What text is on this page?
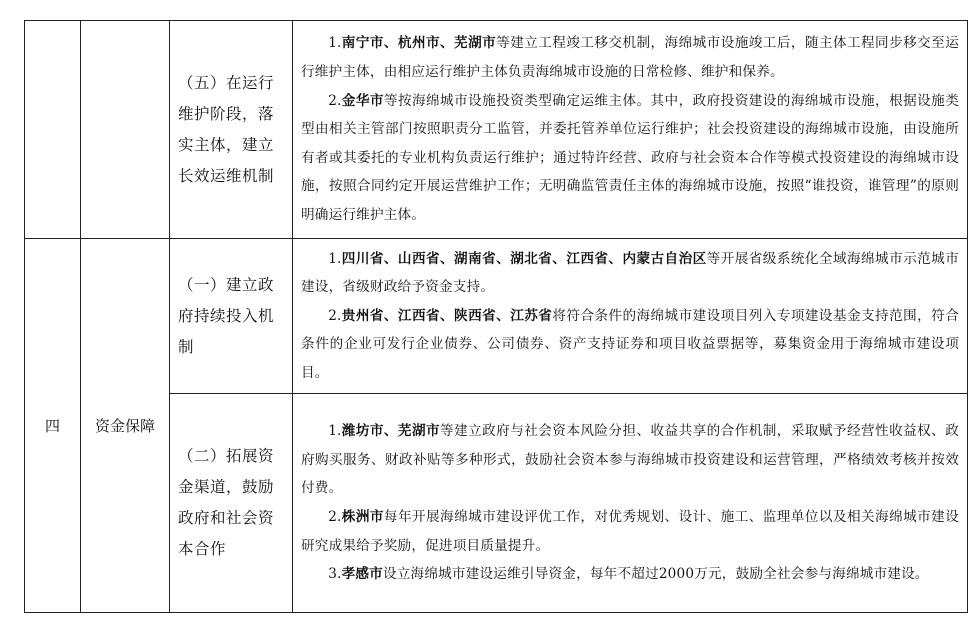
		（五）在运行维护阶段，落实主体，建立长效运维机制	1.南宁市、杭州市、芜湖市等建立工程竣工移交机制，海绵城市设施竣工后，随主体工程同步移交至运行维护主体，由相应运行维护主体负责海绵城市设施的日常检修、维护和保养。

2.金华市等按海绵城市设施投资类型确定运维主体。其中，政府投资建设的海绵城市设施，根据设施类型由相关主管部门按照职责分工监管，并委托管养单位运行维护；社会投资建设的海绵城市设施，由设施所有者或其委托的专业机构负责运行维护；通过特许经营、政府与社会资本合作等模式投资建设的海绵城市设施，按照合同约定开展运营维护工作；无明确监管责任主体的海绵城市设施，按照“谁投资，谁管理”的原则明确运行维护主体。

四	资金保障	（一）建立政府持续投入机制	1.四川省、山西省、湖南省、湖北省、江西省、内蒙古自治区等开展省级系统化全域海绵城市示范城市建设，省级财政给予资金支持。

2.贵州省、江西省、陕西省、江苏省将符合条件的海绵城市建设项目列入专项建设基金支持范围，符合条件的企业可发行企业债券、公司债券、资产支持证券和项目收益票据等，募集资金用于海绵城市建设项目。

		（二）拓展资金渠道，鼓励政府和社会资本合作	1.潍坊市、芜湖市等建立政府与社会资本风险分担、收益共享的合作机制，采取赋予经营性收益权、政府购买服务、财政补贴等多种形式，鼓励社会资本参与海绵城市投资建设和运营管理，严格绩效考核并按效付费。

2.株洲市每年开展海绵城市建设评优工作，对优秀规划、设计、施工、监理单位以及相关海绵城市建设研究成果给予奖励，促进项目质量提升。

3.孝感市设立海绵城市建设运维引导资金，每年不超过2000万元，鼓励全社会参与海绵城市建设。
